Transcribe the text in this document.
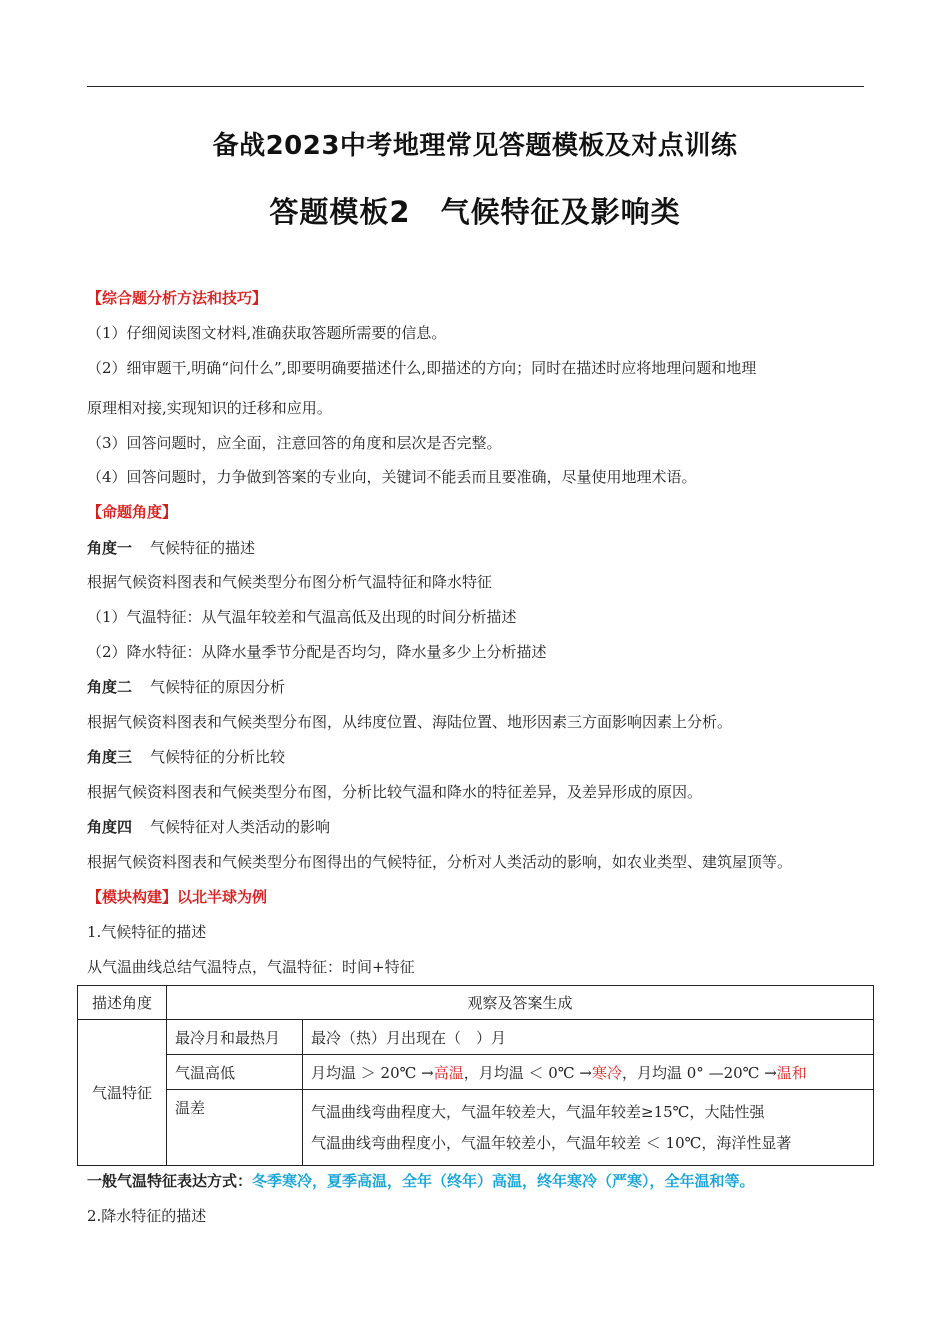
备战2023中考地理常见答题模板及对点训练
答题模板2　气候特征及影响类
【综合题分析方法和技巧】
（1）仔细阅读图文材料,准确获取答题所需要的信息。
（2）细审题干,明确“问什么”,即要明确要描述什么,即描述的方向；同时在描述时应将地理问题和地理
原理相对接,实现知识的迁移和应用。
（3）回答问题时，应全面，注意回答的角度和层次是否完整。
（4）回答问题时，力争做到答案的专业向，关键词不能丢而且要准确，尽量使用地理术语。
【命题角度】
角度一 气候特征的描述
根据气候资料图表和气候类型分布图分析气温特征和降水特征
（1）气温特征：从气温年较差和气温高低及出现的时间分析描述
（2）降水特征：从降水量季节分配是否均匀，降水量多少上分析描述
角度二 气候特征的原因分析
根据气候资料图表和气候类型分布图，从纬度位置、海陆位置、地形因素三方面影响因素上分析。
角度三 气候特征的分析比较
根据气候资料图表和气候类型分布图，分析比较气温和降水的特征差异，及差异形成的原因。
角度四 气候特征对人类活动的影响
根据气候资料图表和气候类型分布图得出的气候特征，分析对人类活动的影响，如农业类型、建筑屋顶等。
【模块构建】以北半球为例
1.气候特征的描述
从气温曲线总结气温特点，气温特征：时间+特征
描述角度	观察及答案生成	
气温特征	最冷月和最热月	最冷（热）月出现在（　）月
	气温高低	月均温 ＞ 20℃ →高温，月均温 ＜ 0℃ →寒冷，月均温 0° —20℃ →温和
	温差	气温曲线弯曲程度大，气温年较差大，气温年较差≥15℃，大陆性强
气温曲线弯曲程度小，气温年较差小，气温年较差 ＜ 10℃，海洋性显著
一般气温特征表达方式：冬季寒冷，夏季高温，全年（终年）高温，终年寒冷（严寒），全年温和等。
2.降水特征的描述
